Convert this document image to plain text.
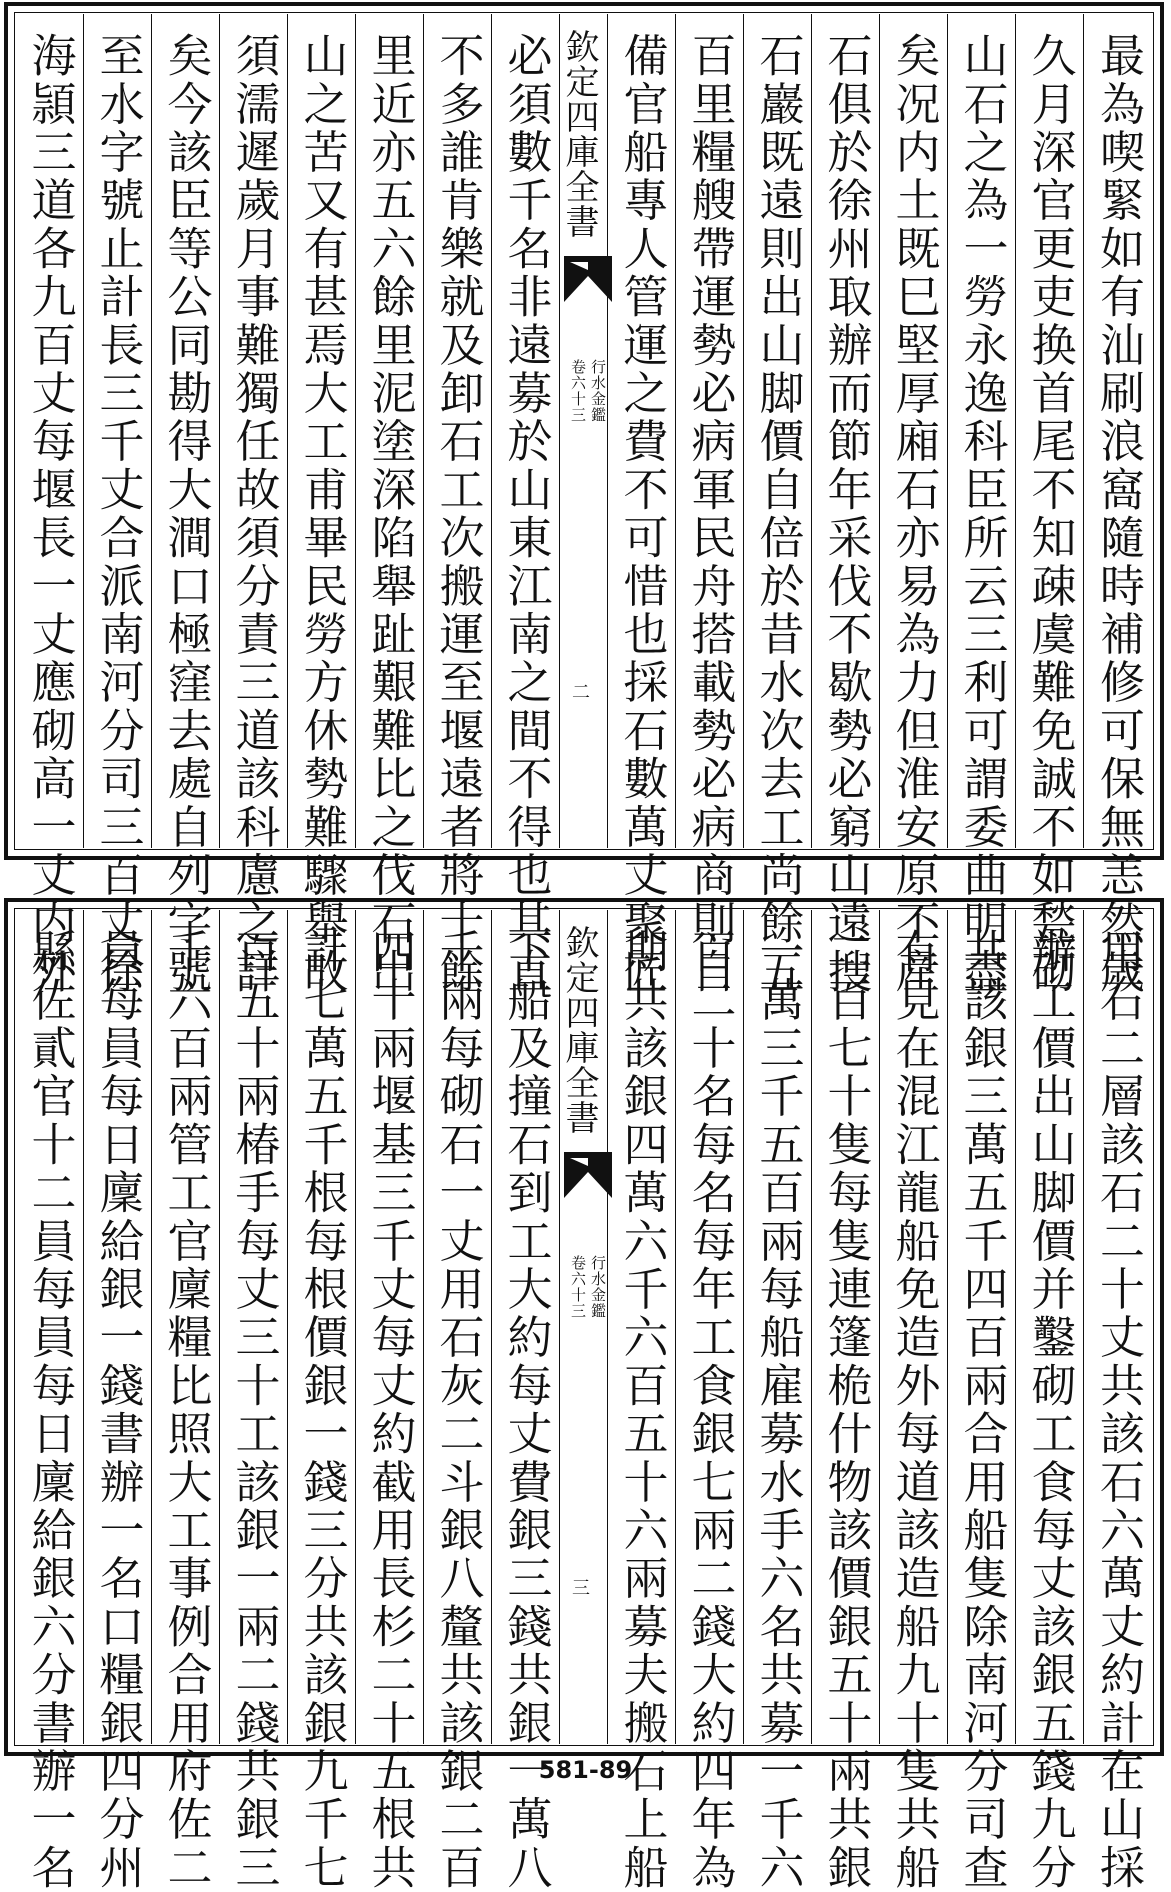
最為喫緊如有汕刷浪窩隨時補修可保無恙然歲
久月深官更吏换首尾不知疎虞難免誠不如甃砌
山石之為一勞永逸科臣所云三利可謂委曲明盡
矣况内土既巳堅厚廂石亦易為力但淮安原不産
石俱於徐州取辦而節年采伐不歇勢必窮山遠搜
石巖既遠則出山脚價自倍於昔水次去工尚餘五
百里糧艘帶運勢必病軍民舟搭載勢必病商則自
備官船專人管運之費不可惜也採石數萬丈聚匠
欽定四庫全書
行水金鑑
卷六十三
二
必須數千名非遠募於山東江南之間不得也其直
不多誰肯樂就及卸石工次搬運至堰遠者將十餘
里近亦五六餘里泥塗深陷舉趾艱難比之伐石出
山之苦又有甚焉大工甫畢民勞方休勢難驟舉故
須濡遲歲月事難獨任故須分責三道該科慮之詳
矣今該臣等公同勘得大澗口極窪去處自列字號
至水字號止計長三千丈合派南河分司三百丈徐
海頴三道各九百丈每堰長一丈應砌高一丈内外
用石二層該石二十丈共該石六萬丈約計在山採
辦工價出山脚價并鑿砌工食每丈該銀五錢九分
共該銀三萬五千四百兩合用船隻除南河分司查
有見在混江龍船免造外每道該造船九十隻共船
二百七十隻每隻連篷桅什物該價銀五十兩共銀
一萬三千五百兩每船雇募水手六名共募一千六
百二十名每名每年工食銀七兩二錢大約四年為
期共該銀四萬六千六百五十六兩募夫搬石上船
欽定四庫全書
行水金鑑
卷六十三
三
下船及撞石到工大約每丈費銀三錢共銀一萬八
千兩每砌石一丈用石灰二斗銀八釐共該銀二百
四十兩堰基三千丈每丈約截用長杉二十五根共
計七萬五千根每根價銀一錢三分共該銀九千七
百五十兩椿手每丈三十工該銀一兩二錢共銀三
千六百兩管工官廩糧比照大工事例合用府佐二
員每員每日廩給銀一錢書辦一名口糧銀四分州
縣佐貳官十二員每員每日廩給銀六分書辦一名	581-89
